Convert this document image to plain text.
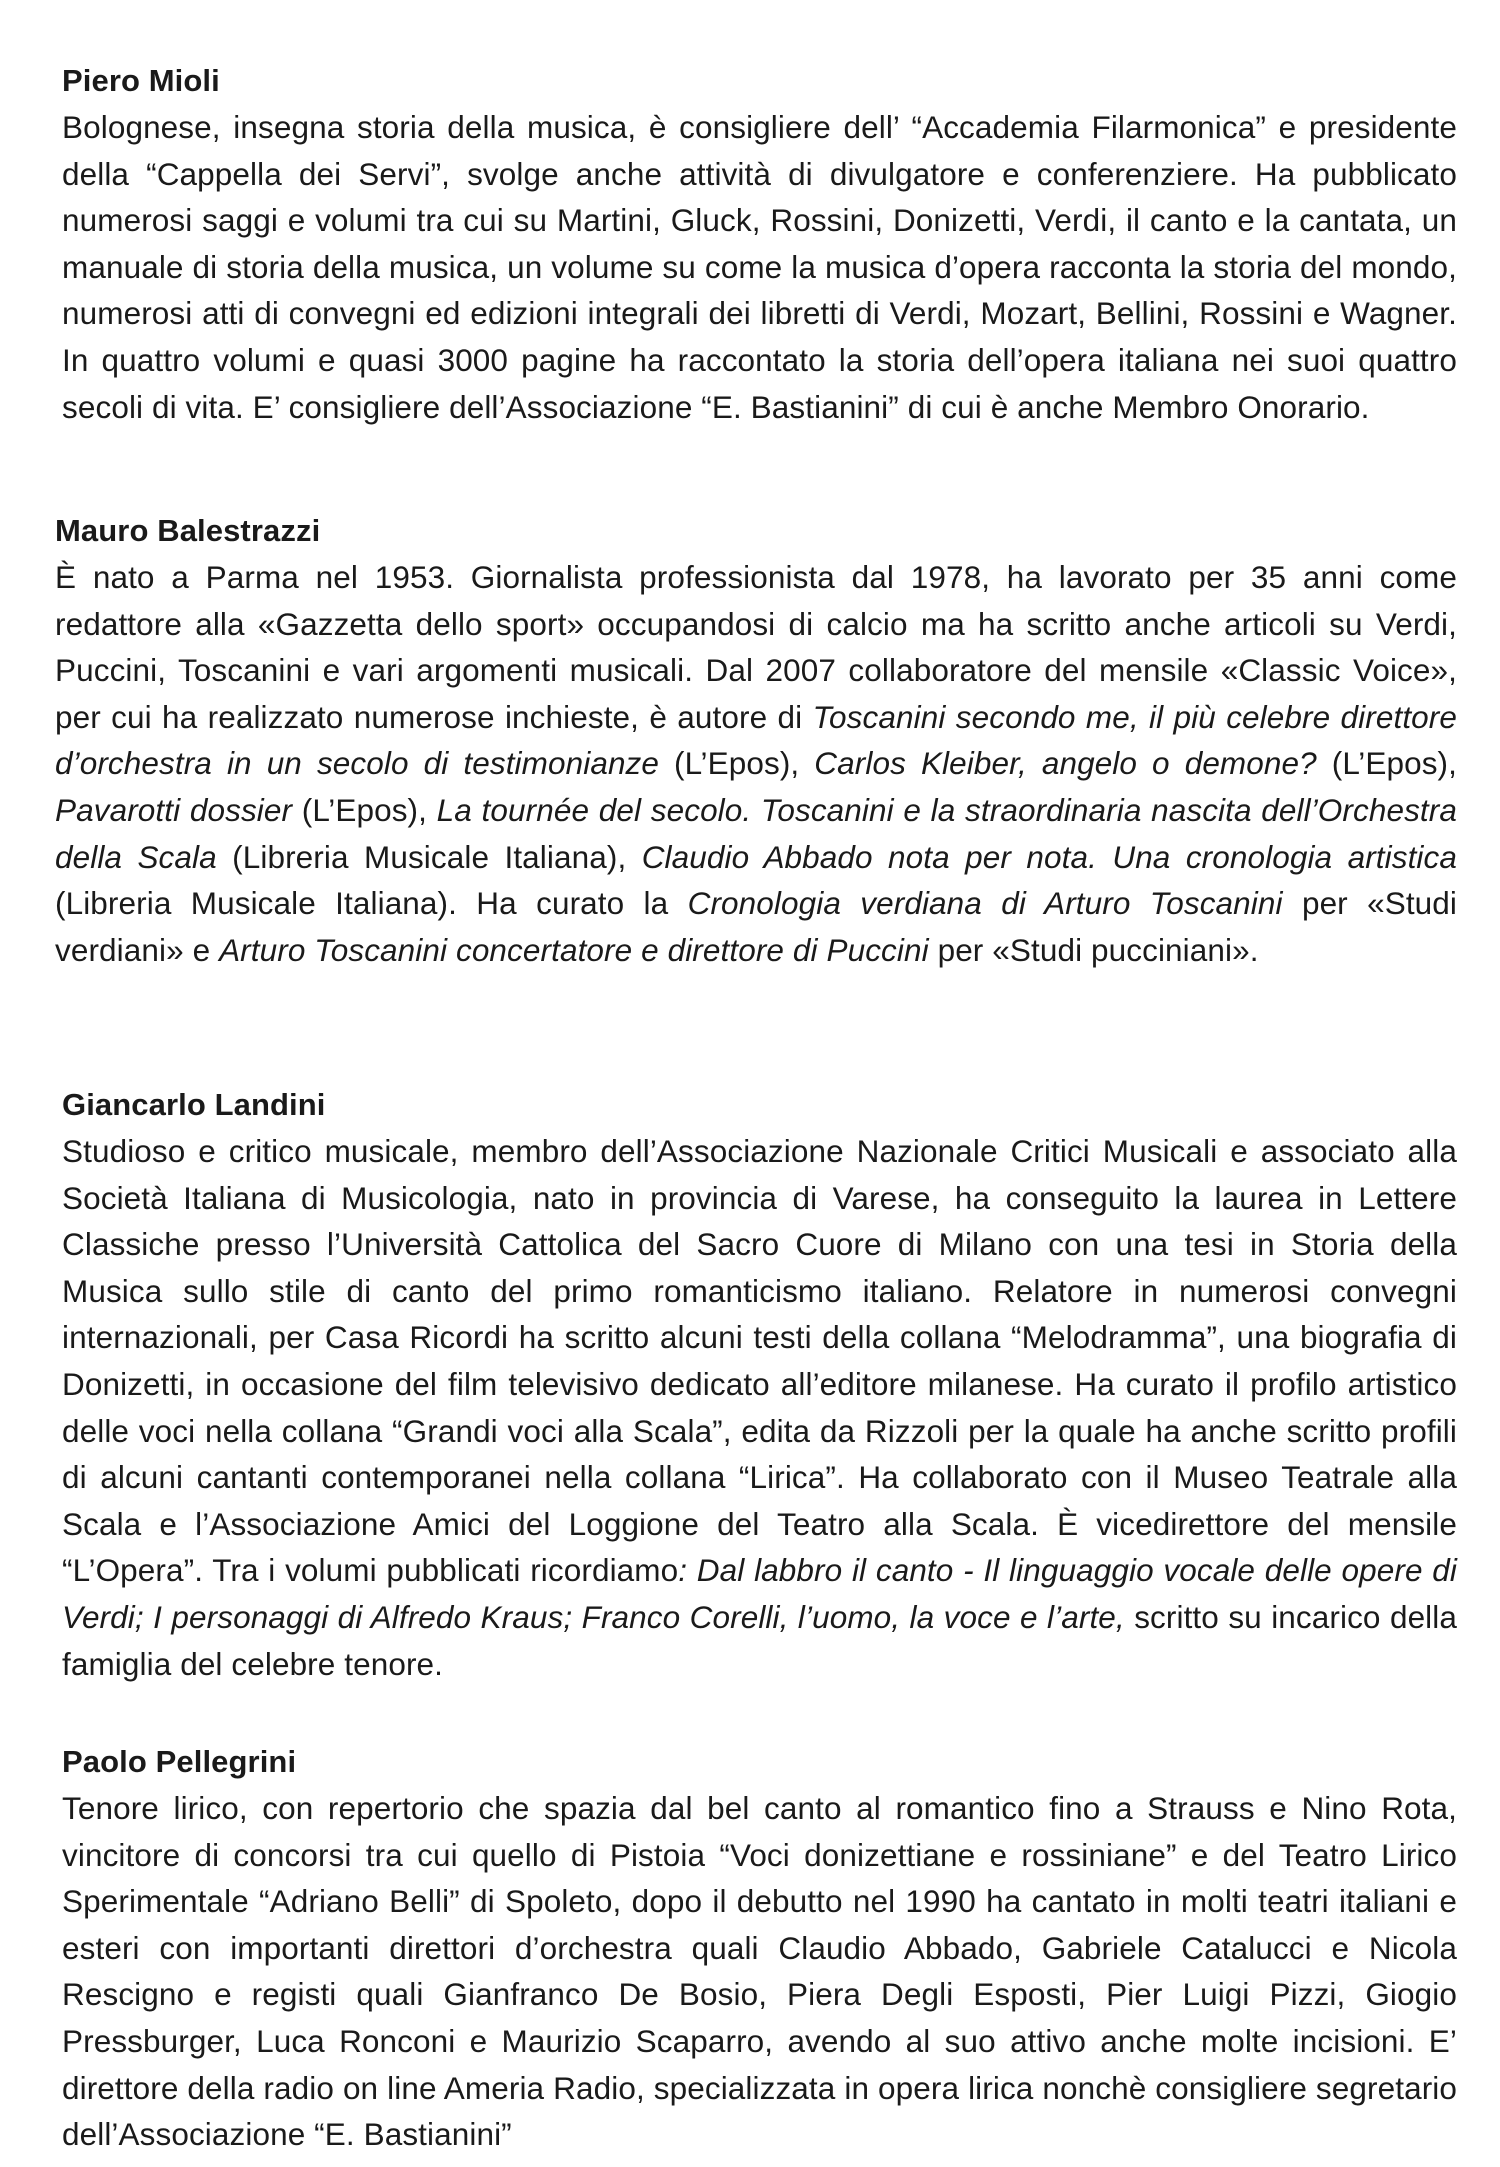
Piero Mioli

Bolognese, insegna storia della musica, è consigliere dell’ “Accademia Filarmonica” e presidente della “Cappella dei Servi”, svolge anche attività di divulgatore e conferenziere. Ha pubblicato numerosi saggi e volumi tra cui su Martini, Gluck, Rossini, Donizetti, Verdi, il canto e la cantata, un manuale di storia della musica, un volume su come la musica d’opera racconta la storia del mondo, numerosi atti di convegni ed edizioni integrali dei libretti di Verdi, Mozart, Bellini, Rossini e Wagner. In quattro volumi e quasi 3000 pagine ha raccontato la storia dell’opera italiana nei suoi quattro secoli di vita. E’ consigliere dell’Associazione “E. Bastianini” di cui è anche Membro Onorario.

Mauro Balestrazzi

È nato a Parma nel 1953. Giornalista professionista dal 1978, ha lavorato per 35 anni come redattore alla «Gazzetta dello sport» occupandosi di calcio ma ha scritto anche articoli su Verdi, Puccini, Toscanini e vari argomenti musicali. Dal 2007 collaboratore del mensile «Classic Voice», per cui ha realizzato numerose inchieste, è autore di Toscanini secondo me, il più celebre direttore d’orchestra in un secolo di testimonianze (L’Epos), Carlos Kleiber, angelo o demone? (L’Epos), Pavarotti dossier (L’Epos), La tournée del secolo. Toscanini e la straordinaria nascita dell’Orchestra della Scala (Libreria Musicale Italiana), Claudio Abbado nota per nota. Una cronologia artistica (Libreria Musicale Italiana). Ha curato la Cronologia verdiana di Arturo Toscanini per «Studi verdiani» e Arturo Toscanini concertatore e direttore di Puccini per «Studi pucciniani».

Giancarlo Landini

Studioso e critico musicale, membro dell’Associazione Nazionale Critici Musicali e associato alla Società Italiana di Musicologia, nato in provincia di Varese, ha conseguito la laurea in Lettere Classiche presso l’Università Cattolica del Sacro Cuore di Milano con una tesi in Storia della Musica sullo stile di canto del primo romanticismo italiano. Relatore in numerosi convegni internazionali, per Casa Ricordi ha scritto alcuni testi della collana “Melodramma”, una biografia di Donizetti, in occasione del film televisivo dedicato all’editore milanese. Ha curato il profilo artistico delle voci nella collana “Grandi voci alla Scala”, edita da Rizzoli per la quale ha anche scritto profili di alcuni cantanti contemporanei nella collana “Lirica”. Ha collaborato con il Museo Teatrale alla Scala e l’Associazione Amici del Loggione del Teatro alla Scala. È vicedirettore del mensile “L’Opera”. Tra i volumi pubblicati ricordiamo: Dal labbro il canto - Il linguaggio vocale delle opere di Verdi; I personaggi di Alfredo Kraus; Franco Corelli, l’uomo, la voce e l’arte, scritto su incarico della famiglia del celebre tenore.

Paolo Pellegrini

Tenore lirico, con repertorio che spazia dal bel canto al romantico fino a Strauss e Nino Rota, vincitore di concorsi tra cui quello di Pistoia “Voci donizettiane e rossiniane” e del Teatro Lirico Sperimentale “Adriano Belli” di Spoleto, dopo il debutto nel 1990 ha cantato in molti teatri italiani e esteri con importanti direttori d’orchestra quali Claudio Abbado, Gabriele Catalucci e Nicola Rescigno e registi quali Gianfranco De Bosio, Piera Degli Esposti, Pier Luigi Pizzi, Giogio Pressburger, Luca Ronconi e Maurizio Scaparro, avendo al suo attivo anche molte incisioni. E’ direttore della radio on line Ameria Radio, specializzata in opera lirica nonchè consigliere segretario dell’Associazione “E. Bastianini”
